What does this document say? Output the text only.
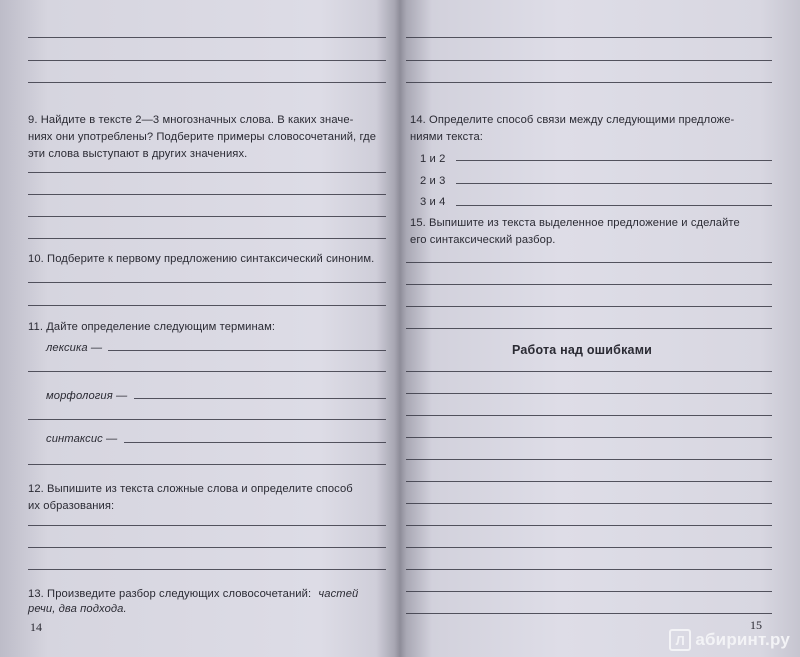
9. Найдите в тексте 2—3 многозначных слова. В каких значе-
ниях они употреблены? Подберите примеры словосочетаний, где
эти слова выступают в других значениях.
10. Подберите к первому предложению синтаксический синоним.
11. Дайте определение следующим терминам:
лексика —
морфология —
синтаксис —
12. Выпишите из текста сложные слова и определите способ
их образования:
13. Произведите разбор следующих словосочетаний: частей
речи, два подхода.
14
14. Определите способ связи между следующими предложе-
ниями текста:
1 и 2
2 и 3
3 и 4
15. Выпишите из текста выделенное предложение и сделайте
его синтаксический разбор.
Работа над ошибками
15
Л абиринт.ру
